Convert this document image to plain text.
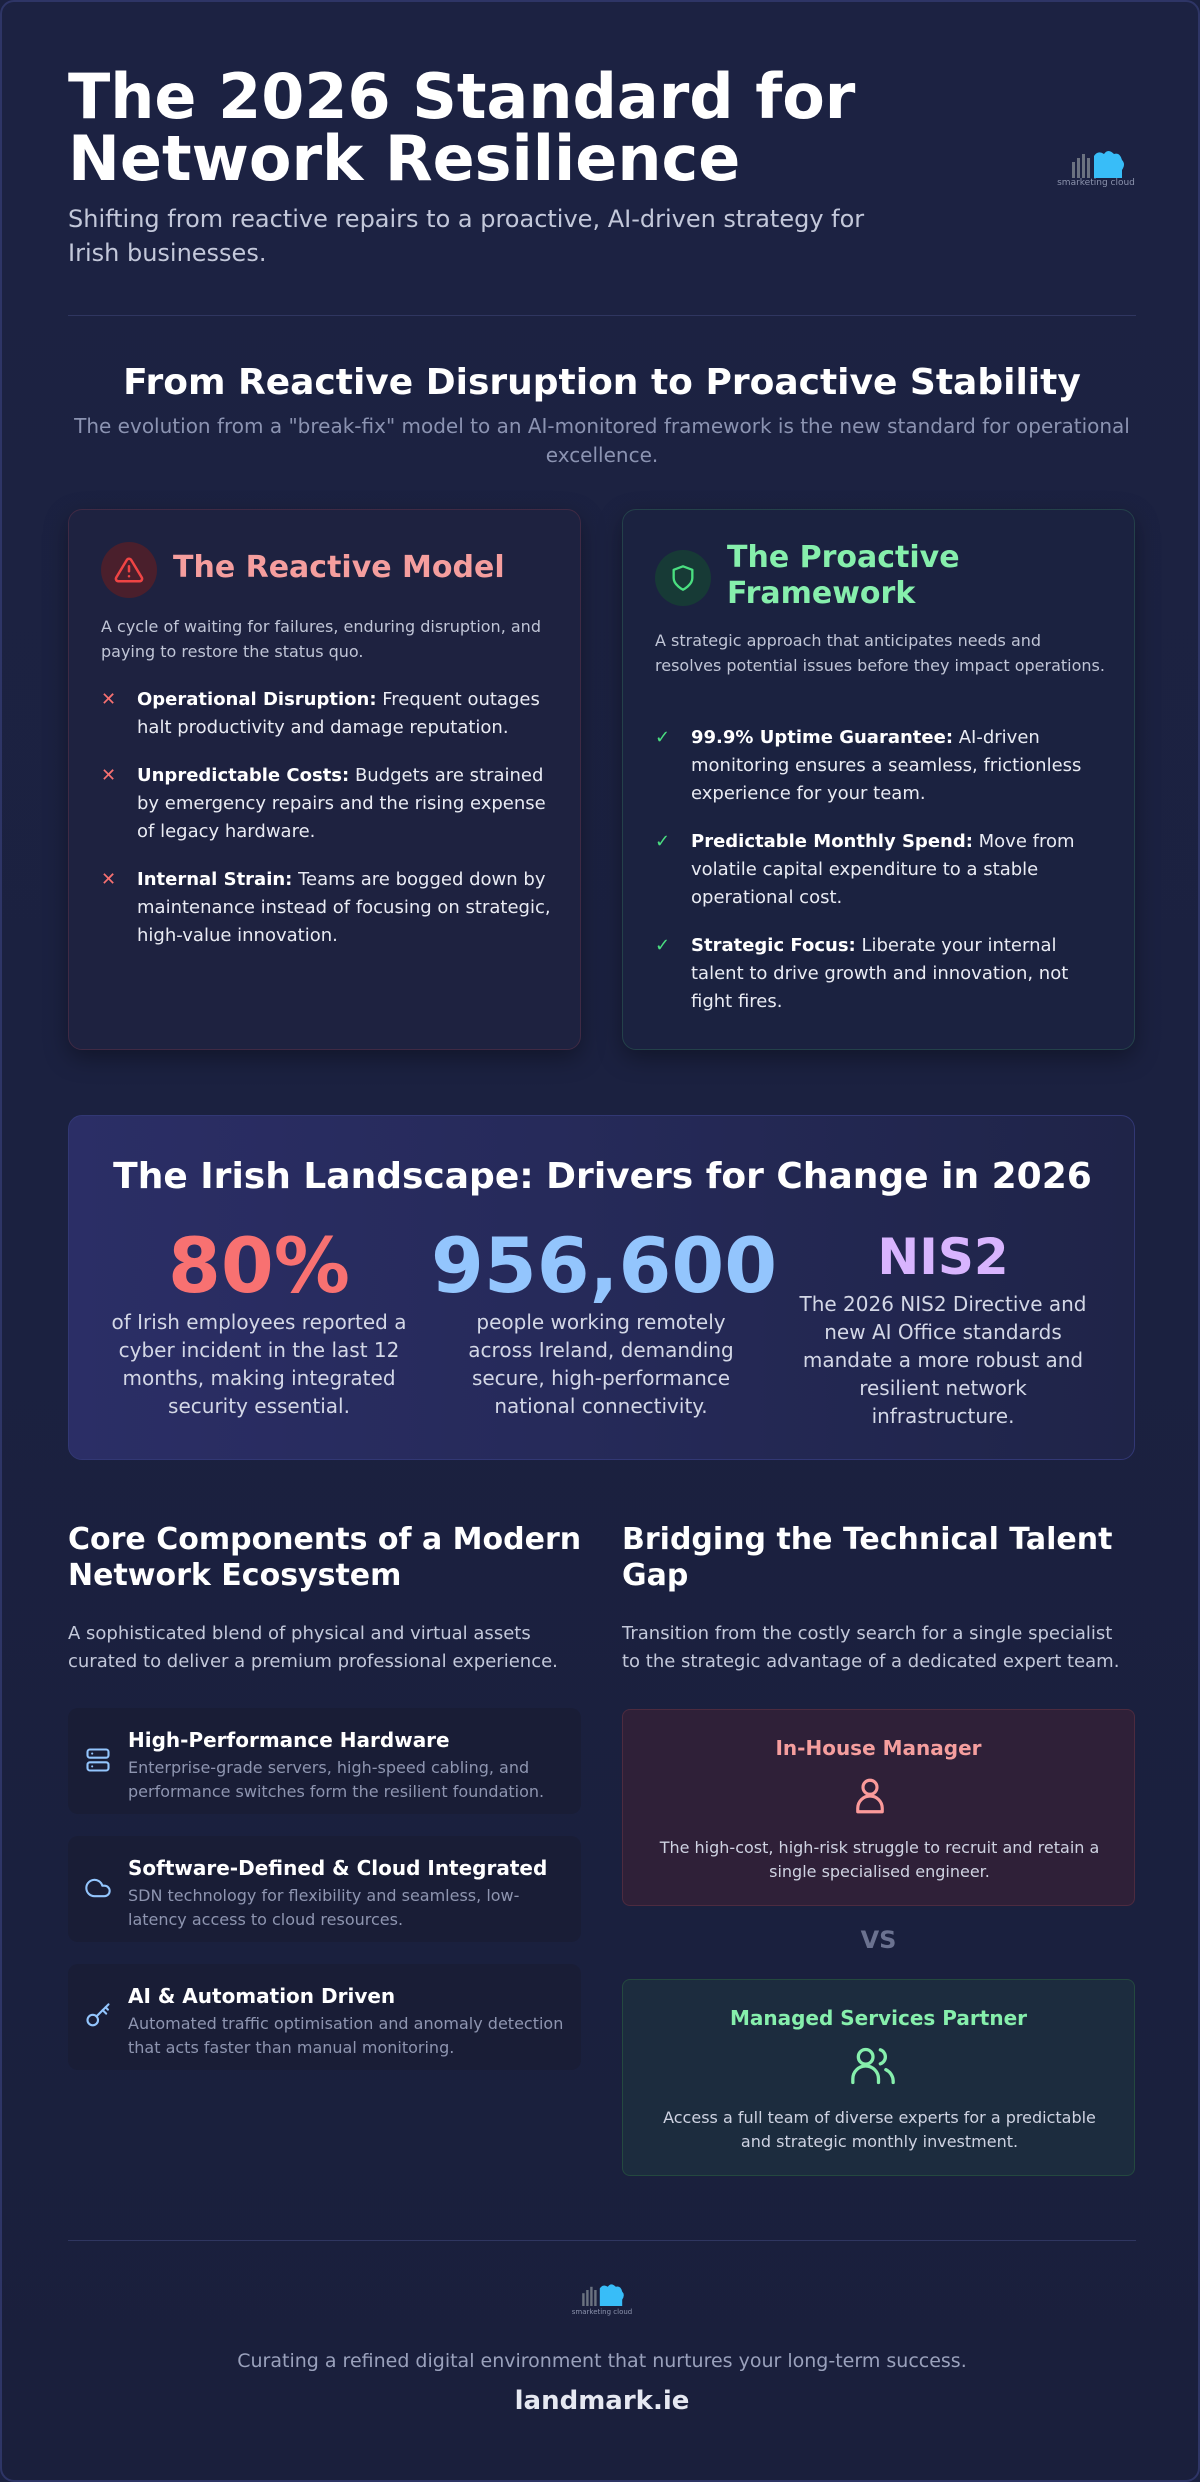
The 2026 Standard for
Network Resilience
Shifting from reactive repairs to a proactive, AI-driven strategy for Irish businesses.
smarketing cloud
From Reactive Disruption to Proactive Stability
The evolution from a "break-fix" model to an AI-monitored framework is the new standard for operational excellence.
The Reactive Model
A cycle of waiting for failures, enduring disruption, and paying to restore the status quo.
✕	Operational Disruption: Frequent outages halt productivity and damage reputation.
✕	Unpredictable Costs: Budgets are strained by emergency repairs and the rising expense of legacy hardware.
✕	Internal Strain: Teams are bogged down by maintenance instead of focusing on strategic, high-value innovation.
The Proactive Framework
A strategic approach that anticipates needs and resolves potential issues before they impact operations.
✓	99.9% Uptime Guarantee: AI-driven monitoring ensures a seamless, frictionless experience for your team.
✓	Predictable Monthly Spend: Move from volatile capital expenditure to a stable operational cost.
✓	Strategic Focus: Liberate your internal talent to drive growth and innovation, not fight fires.
The Irish Landscape: Drivers for Change in 2026
80%
of Irish employees reported a cyber incident in the last 12 months, making integrated security essential.
956,600
people working remotely across Ireland, demanding secure, high-performance national connectivity.
NIS2
The 2026 NIS2 Directive and new AI Office standards mandate a more robust and resilient network infrastructure.
Core Components of a Modern Network Ecosystem
A sophisticated blend of physical and virtual assets curated to deliver a premium professional experience.
High-Performance Hardware
Enterprise-grade servers, high-speed cabling, and performance switches form the resilient foundation.
Software-Defined & Cloud Integrated
SDN technology for flexibility and seamless, low-latency access to cloud resources.
AI & Automation Driven
Automated traffic optimisation and anomaly detection that acts faster than manual monitoring.
Bridging the Technical Talent Gap
Transition from the costly search for a single specialist to the strategic advantage of a dedicated expert team.
In-House Manager
The high-cost, high-risk struggle to recruit and retain a single specialised engineer.
VS
Managed Services Partner
Access a full team of diverse experts for a predictable and strategic monthly investment.
smarketing cloud
Curating a refined digital environment that nurtures your long-term success.
landmark.ie
